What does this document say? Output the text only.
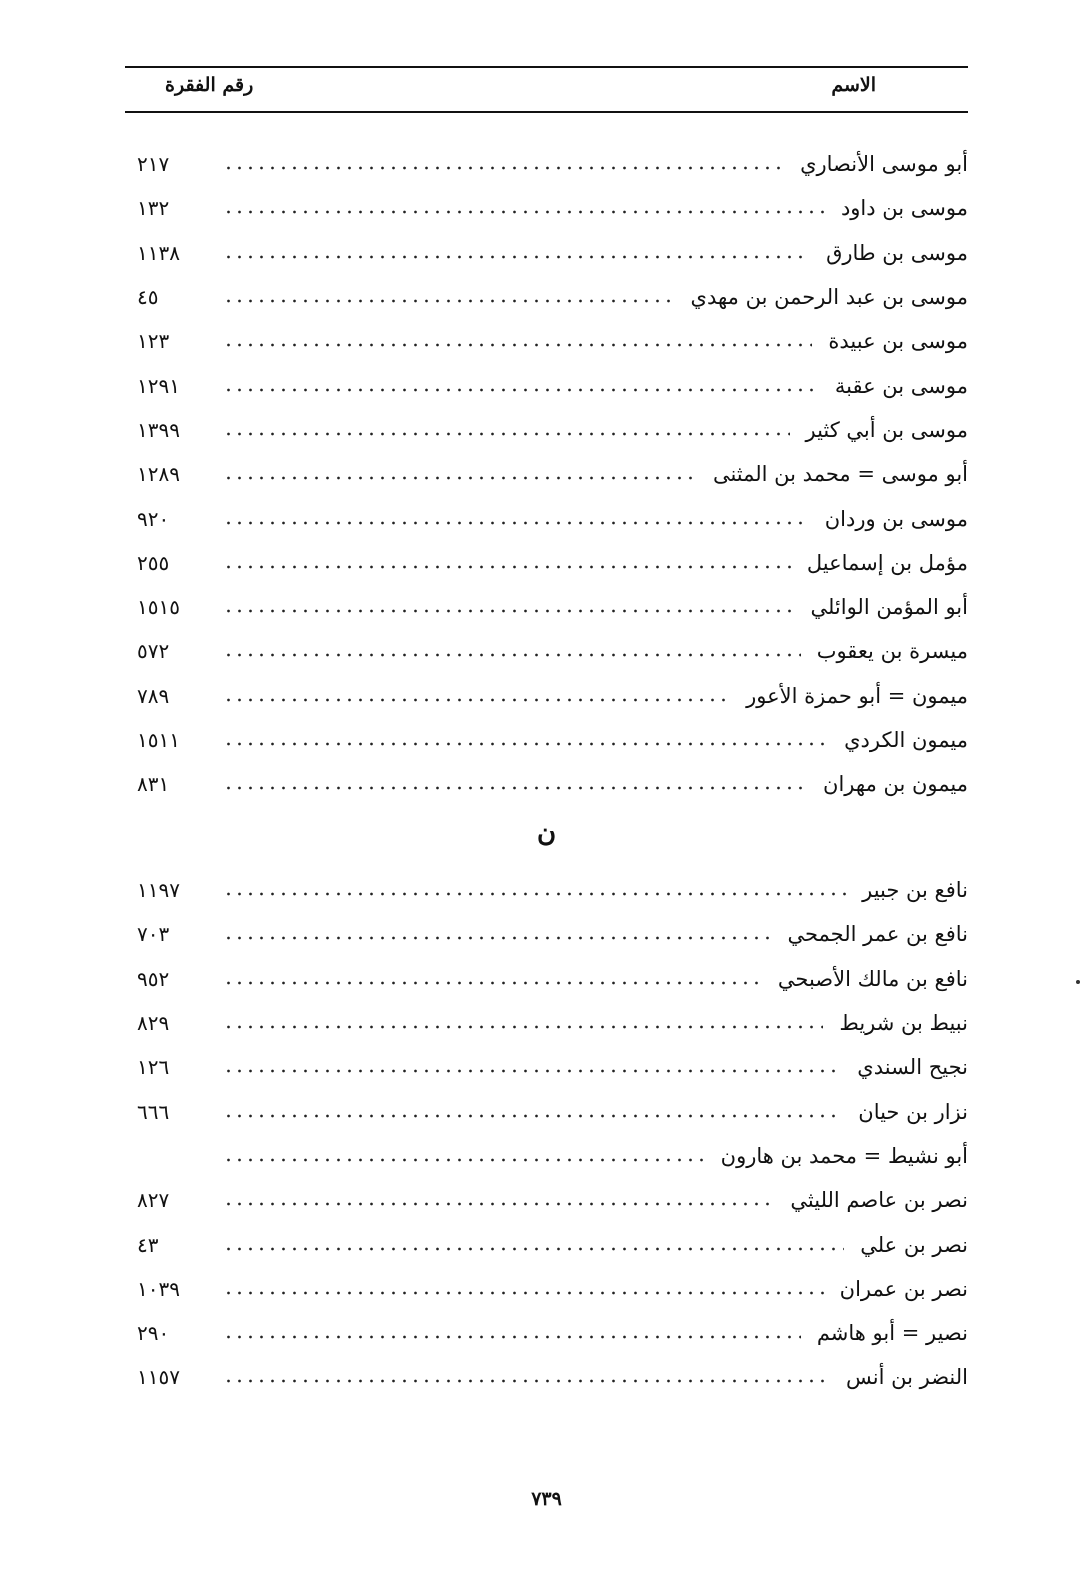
الاسم
رقم الفقرة
أبو موسى الأنصاري
٢١٧
موسى بن داود
١٣٢
موسى بن طارق
١١٣٨
موسى بن عبد الرحمن بن مهدي
٤٥
موسى بن عبيدة
١٢٣
موسى بن عقبة
١٢٩١
موسى بن أبي كثير
١٣٩٩
أبو موسى = محمد بن المثنى
١٢٨٩
موسى بن وردان
٩٢٠
مؤمل بن إسماعيل
٢٥٥
أبو المؤمن الوائلي
١٥١٥
ميسرة بن يعقوب
٥٧٢
ميمون = أبو حمزة الأعور
٧٨٩
ميمون الكردي
١٥١١
ميمون بن مهران
٨٣١
ن
نافع بن جبير
١١٩٧
نافع بن عمر الجمحي
٧٠٣
نافع بن مالك الأصبحي
٩٥٢
نبيط بن شريط
٨٢٩
نجيح السندي
١٢٦
نزار بن حيان
٦٦٦
أبو نشيط = محمد بن هارون
نصر بن عاصم الليثي
٨٢٧
نصر بن علي
٤٣
نصر بن عمران
١٠٣٩
نصير = أبو هاشم
٢٩٠
النضر بن أنس
١١٥٧
٧٣٩
